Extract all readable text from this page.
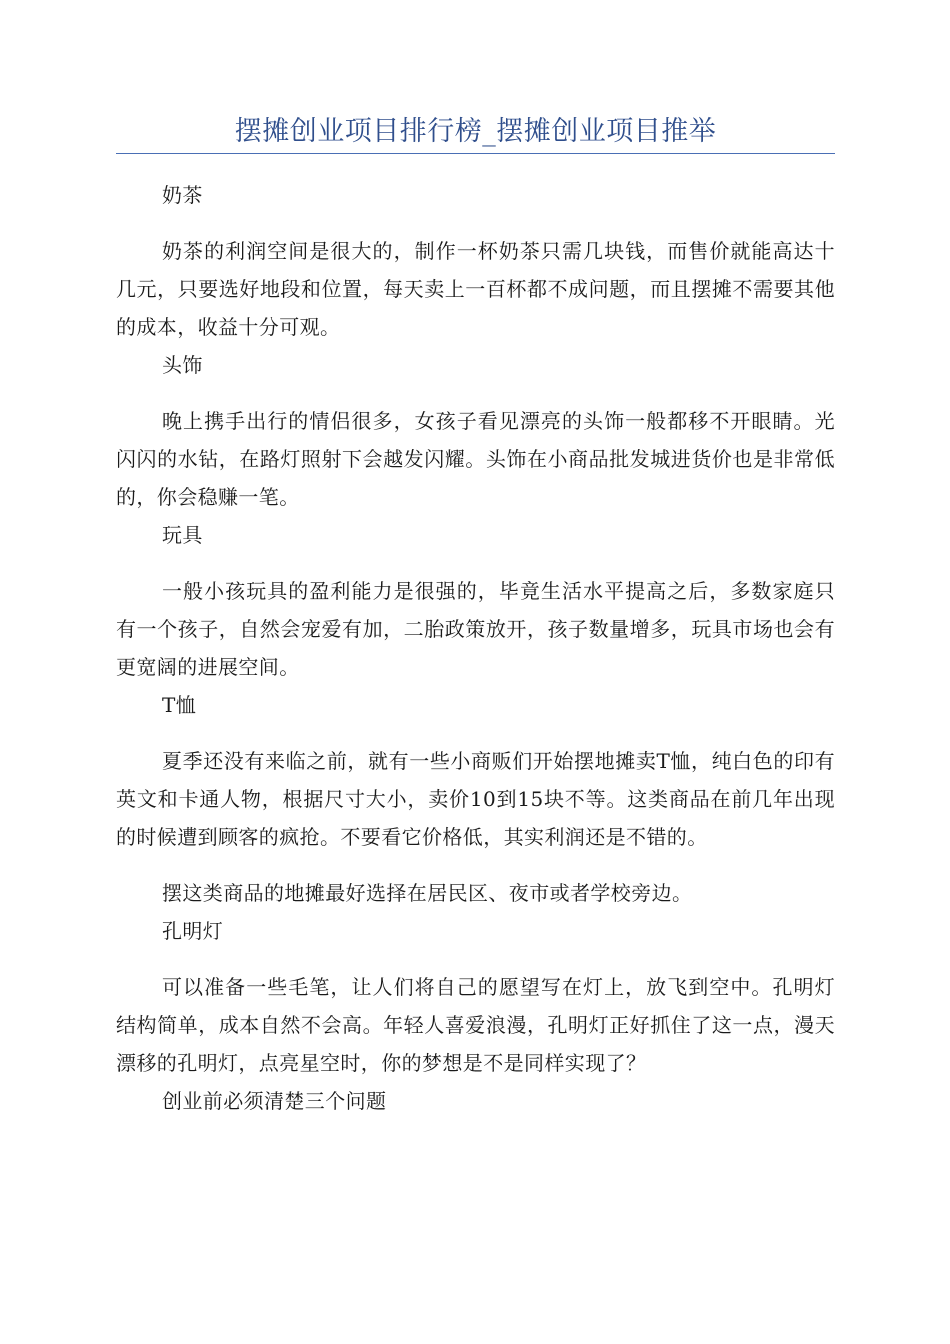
摆摊创业项目排行榜_摆摊创业项目推举

奶茶

奶茶的利润空间是很大的，制作一杯奶茶只需几块钱，而售价就能高达十几元，只要选好地段和位置，每天卖上一百杯都不成问题，而且摆摊不需要其他的成本，收益十分可观。

头饰

晚上携手出行的情侣很多，女孩子看见漂亮的头饰一般都移不开眼睛。光闪闪的水钻，在路灯照射下会越发闪耀。头饰在小商品批发城进货价也是非常低的，你会稳赚一笔。

玩具

一般小孩玩具的盈利能力是很强的，毕竟生活水平提高之后，多数家庭只有一个孩子，自然会宠爱有加，二胎政策放开，孩子数量增多，玩具市场也会有更宽阔的进展空间。

T恤

夏季还没有来临之前，就有一些小商贩们开始摆地摊卖T恤，纯白色的印有英文和卡通人物，根据尺寸大小，卖价10到15块不等。这类商品在前几年出现的时候遭到顾客的疯抢。不要看它价格低，其实利润还是不错的。

摆这类商品的地摊最好选择在居民区、夜市或者学校旁边。

孔明灯

可以准备一些毛笔，让人们将自己的愿望写在灯上，放飞到空中。孔明灯结构简单，成本自然不会高。年轻人喜爱浪漫，孔明灯正好抓住了这一点，漫天漂移的孔明灯，点亮星空时，你的梦想是不是同样实现了？

创业前必须清楚三个问题
